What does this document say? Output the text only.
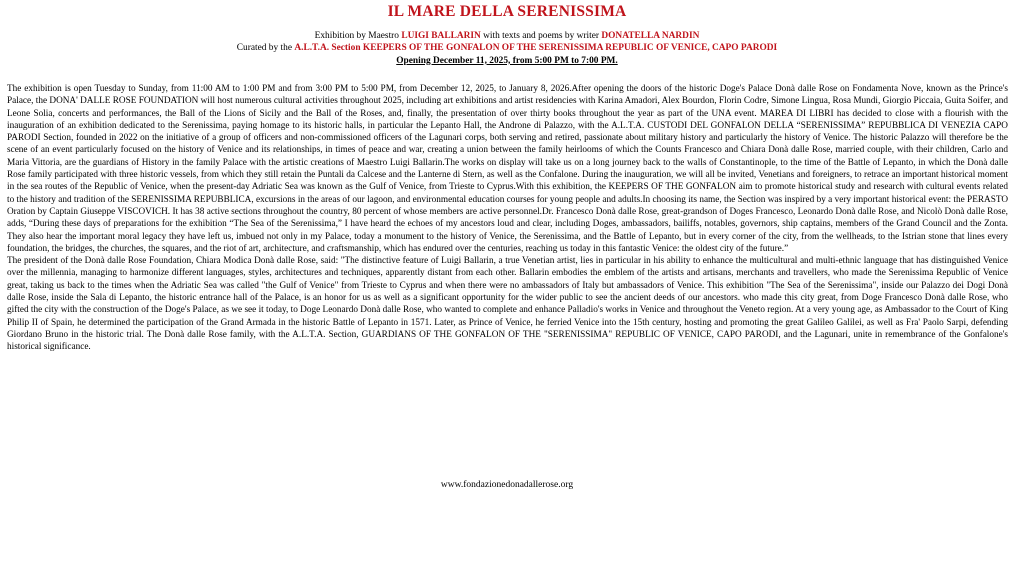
IL MARE DELLA SERENISSIMA
Exhibition by Maestro LUIGI BALLARIN with texts and poems by writer DONATELLA NARDIN
Curated by the A.L.T.A. Section KEEPERS OF THE GONFALON OF THE SERENISSIMA REPUBLIC OF VENICE, CAPO PARODI
Opening December 11, 2025, from 5:00 PM to 7:00 PM.

The exhibition is open Tuesday to Sunday, from 11:00 AM to 1:00 PM and from 3:00 PM to 5:00 PM, from December 12, 2025, to January 8, 2026.After opening the doors of the historic Doge's Palace Donà dalle Rose on Fondamenta Nove, known as the Prince's Palace, the DONA' DALLE ROSE FOUNDATION will host numerous cultural activities throughout 2025, including art exhibitions and artist residencies with Karina Amadori, Alex Bourdon, Florin Codre, Simone Lingua, Rosa Mundi, Giorgio Piccaia, Guita Soifer, and Leone Solia, concerts and performances, the Ball of the Lions of Sicily and the Ball of the Roses, and, finally, the presentation of over thirty books throughout the year as part of the UNA event. MAREA DI LIBRI has decided to close with a flourish with the inauguration of an exhibition dedicated to the Serenissima, paying homage to its historic halls, in particular the Lepanto Hall, the Androne di Palazzo, with the A.L.T.A. CUSTODI DEL GONFALON DELLA “SERENISSIMA” REPUBBLICA DI VENEZIA CAPO PARODI Section, founded in 2022 on the initiative of a group of officers and non-commissioned officers of the Lagunari corps, both serving and retired, passionate about military history and particularly the history of Venice. The historic Palazzo will therefore be the scene of an event particularly focused on the history of Venice and its relationships, in times of peace and war, creating a union between the family heirlooms of which the Counts Francesco and Chiara Donà dalle Rose, married couple, with their children, Carlo and Maria Vittoria, are the guardians of History in the family Palace with the artistic creations of Maestro Luigi Ballarin.The works on display will take us on a long journey back to the walls of Constantinople, to the time of the Battle of Lepanto, in which the Donà dalle Rose family participated with three historic vessels, from which they still retain the Puntali da Calcese and the Lanterne di Stern, as well as the Confalone. During the inauguration, we will all be invited, Venetians and foreigners, to retrace an important historical moment in the sea routes of the Republic of Venice, when the present-day Adriatic Sea was known as the Gulf of Venice, from Trieste to Cyprus.With this exhibition, the KEEPERS OF THE GONFALON aim to promote historical study and research with cultural events related to the history and tradition of the SERENISSIMA REPUBBLICA, excursions in the areas of our lagoon, and environmental education courses for young people and adults.In choosing its name, the Section was inspired by a very important historical event: the PERASTO Oration by Captain Giuseppe VISCOVICH. It has 38 active sections throughout the country, 80 percent of whose members are active personnel.Dr. Francesco Donà dalle Rose, great-grandson of Doges Francesco, Leonardo Donà dalle Rose, and Nicolò Donà dalle Rose, adds, “During these days of preparations for the exhibition “The Sea of the Serenissima,” I have heard the echoes of my ancestors loud and clear, including Doges, ambassadors, bailiffs, notables, governors, ship captains, members of the Grand Council and the Zonta. They also hear the important moral legacy they have left us, imbued not only in my Palace, today a monument to the history of Venice, the Serenissima, and the Battle of Lepanto, but in every corner of the city, from the wellheads, to the Istrian stone that lines every foundation, the bridges, the churches, the squares, and the riot of art, architecture, and craftsmanship, which has endured over the centuries, reaching us today in this fantastic Venice: the oldest city of the future.”

The president of the Donà dalle Rose Foundation, Chiara Modica Donà dalle Rose, said: "The distinctive feature of Luigi Ballarin, a true Venetian artist, lies in particular in his ability to enhance the multicultural and multi-ethnic language that has distinguished Venice over the millennia, managing to harmonize different languages, styles, architectures and techniques, apparently distant from each other. Ballarin embodies the emblem of the artists and artisans, merchants and travellers, who made the Serenissima Republic of Venice great, taking us back to the times when the Adriatic Sea was called "the Gulf of Venice" from Trieste to Cyprus and when there were no ambassadors of Italy but ambassadors of Venice. This exhibition "The Sea of the Serenissima", inside our Palazzo dei Dogi Donà dalle Rose, inside the Sala di Lepanto, the historic entrance hall of the Palace, is an honor for us as well as a significant opportunity for the wider public to see the ancient deeds of our ancestors. who made this city great, from Doge Francesco Donà dalle Rose, who gifted the city with the construction of the Doge's Palace, as we see it today, to Doge Leonardo Donà dalle Rose, who wanted to complete and enhance Palladio's works in Venice and throughout the Veneto region. At a very young age, as Ambassador to the Court of King Philip II of Spain, he determined the participation of the Grand Armada in the historic Battle of Lepanto in 1571. Later, as Prince of Venice, he ferried Venice into the 15th century, hosting and promoting the great Galileo Galilei, as well as Fra' Paolo Sarpi, defending Giordano Bruno in the historic trial. The Donà dalle Rose family, with the A.L.T.A. Section, GUARDIANS OF THE GONFALON OF THE "SERENISSIMA" REPUBLIC OF VENICE, CAPO PARODI, and the Lagunari, unite in remembrance of the Gonfalone's historical significance.

www.fondazionedonadallerose.org
